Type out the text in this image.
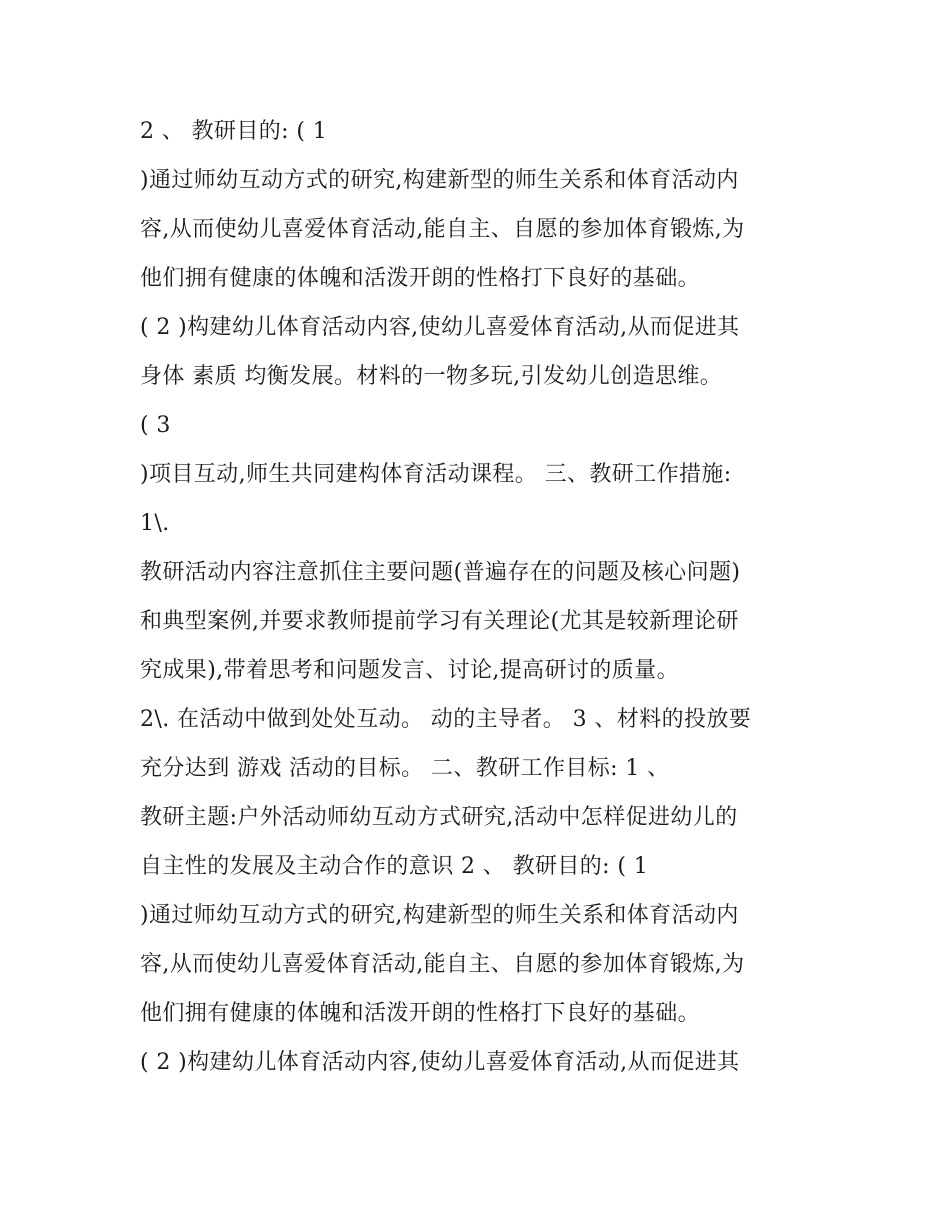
2 、 教研目的: ( 1
)通过师幼互动方式的研究,构建新型的师生关系和体育活动内
容,从而使幼儿喜爱体育活动,能自主、自愿的参加体育锻炼,为
他们拥有健康的体魄和活泼开朗的性格打下良好的基础。
( 2 )构建幼儿体育活动内容,使幼儿喜爱体育活动,从而促进其
身体 素质 均衡发展。材料的一物多玩,引发幼儿创造思维。
( 3
)项目互动,师生共同建构体育活动课程。 三、教研工作措施:
1\.
教研活动内容注意抓住主要问题(普遍存在的问题及核心问题)
和典型案例,并要求教师提前学习有关理论(尤其是较新理论研
究成果),带着思考和问题发言、讨论,提高研讨的质量。
2\. 在活动中做到处处互动。 动的主导者。 3 、材料的投放要
充分达到 游戏 活动的目标。 二、教研工作目标: 1 、
教研主题:户外活动师幼互动方式研究,活动中怎样促进幼儿的
自主性的发展及主动合作的意识 2 、 教研目的: ( 1
)通过师幼互动方式的研究,构建新型的师生关系和体育活动内
容,从而使幼儿喜爱体育活动,能自主、自愿的参加体育锻炼,为
他们拥有健康的体魄和活泼开朗的性格打下良好的基础。
( 2 )构建幼儿体育活动内容,使幼儿喜爱体育活动,从而促进其
